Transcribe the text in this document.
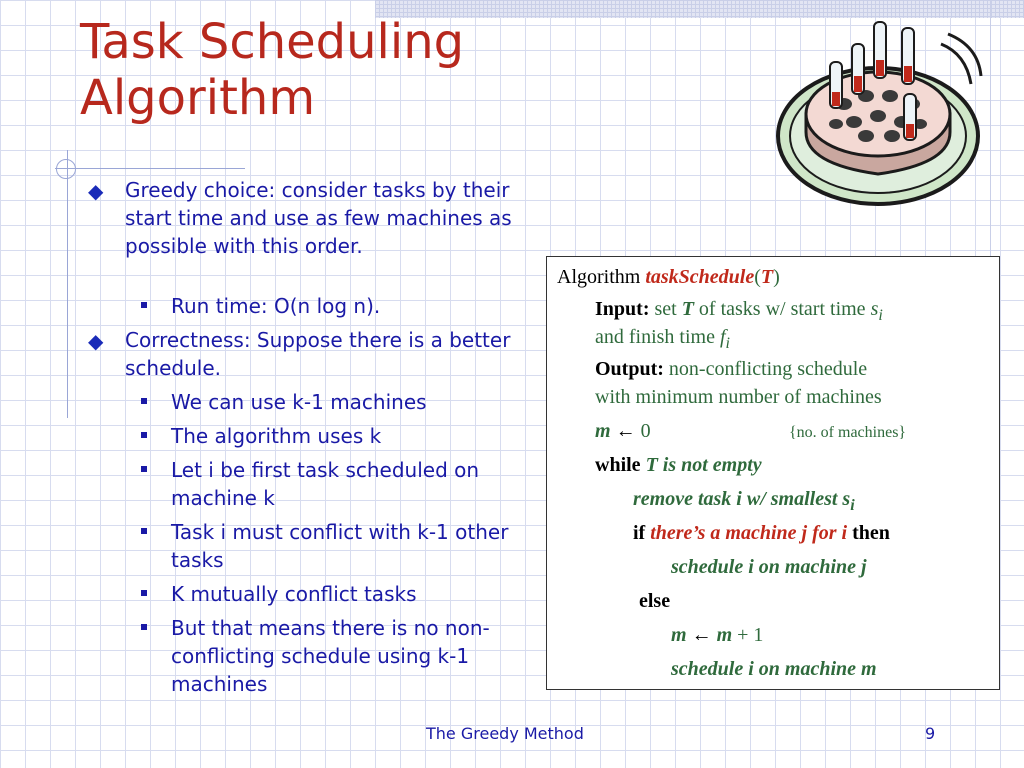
Task Scheduling
Algorithm
◆ Greedy choice: consider tasks by their start time and use as few machines as possible with this order.
Run time: O(n log n).
◆ Correctness: Suppose there is a better schedule.
We can use k-1 machines
The algorithm uses k
Let i be first task scheduled on machine k
Task i must conflict with k-1 other tasks
K mutually conflict tasks
But that means there is no non-conflicting schedule using k-1 machines
Algorithm taskSchedule(T)
Input: set T of tasks w/ start time $s_i$
and finish time $f_i$
Output: non-conflicting schedule
with minimum number of machines
m ← 0	{no. of machines}
while T is not empty
remove task i w/ smallest $s_i$
if there’s a machine j for i then
schedule i on machine j
else
m ← m + 1
schedule i on machine m
The Greedy Method	9
